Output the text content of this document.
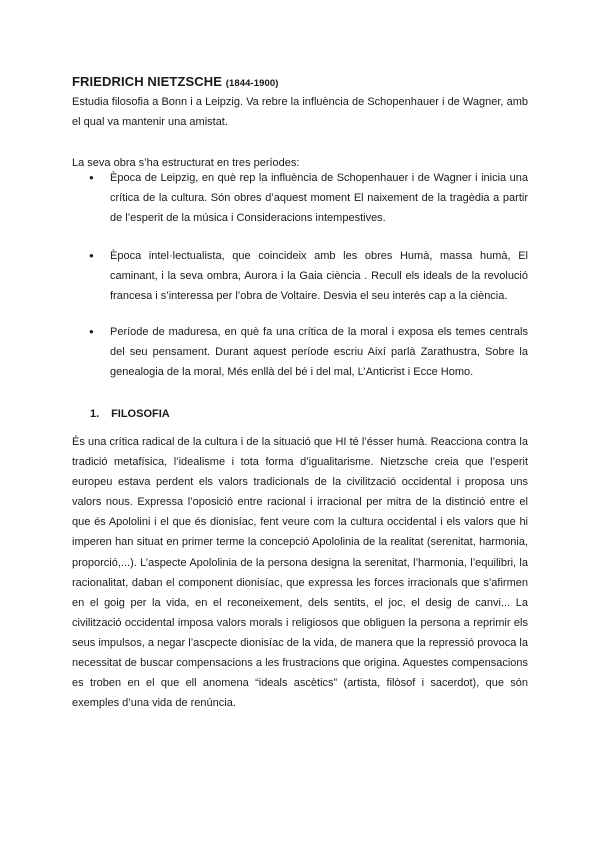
FRIEDRICH NIETZSCHE (1844-1900)

Estudia filosofia a Bonn i a Leipzig. Va rebre la influència de Schopenhauer i de Wagner, amb el qual va mantenir una amistat.

La seva obra s’ha estructurat en tres períodes:

● Època de Leipzig, en què rep la influència de Schopenhauer i de Wagner i inicia una crítica de la cultura. Són obres d’aquest moment El naixement de la tragèdia a partir de l’esperit de la música i Consideracions intempestives.
● Època intel·lectualista, que coincideix amb les obres Humà, massa humà, El caminant, i la seva ombra, Aurora i la Gaia ciència . Recull els ideals de la revolució francesa i s’interessa per l’obra de Voltaire. Desvia el seu interès cap a la ciència.
● Període de maduresa, en què fa una crítica de la moral i exposa els temes centrals del seu pensament. Durant aquest període escriu Així parlà Zarathustra, Sobre la genealogia de la moral, Més enllà del bé i del mal, L’Anticrist i Ecce Homo.
1. FILOSOFIA

És una crítica radical de la cultura i de la situació que HI té l’ésser humà. Reacciona contra la tradició metafísica, l’idealisme i tota forma d’igualitarisme. Nietzsche creia que l’esperit europeu estava perdent els valors tradicionals de la civilització occidental i proposa uns valors nous. Expressa l’oposició entre racional i irracional per mitra de la distinció entre el que és Apololini i el que és dionisíac, fent veure com la cultura occidental i els valors que hi imperen han situat en primer terme la concepció Apololinia de la realitat (serenitat, harmonia, proporció,...). L’aspecte Apololinia de la persona designa la serenitat, l’harmonia, l’equilibri, la racionalitat, daban el component dionisíac, que expressa les forces irracionals que s’afirmen en el goig per la vida, en el reconeixement, dels sentits, el joc, el desig de canvi... La civilització occidental imposa valors morals i religiosos que obliguen la persona a reprimir els seus impulsos, a negar l’ascpecte dionisíac de la vida, de manera que la repressió provoca la necessitat de buscar compensacions a les frustracions que origina. Aquestes compensacions es troben en el que ell anomena “ideals ascètics” (artista, filòsof i sacerdot), que són exemples d’una vida de renúncia.
